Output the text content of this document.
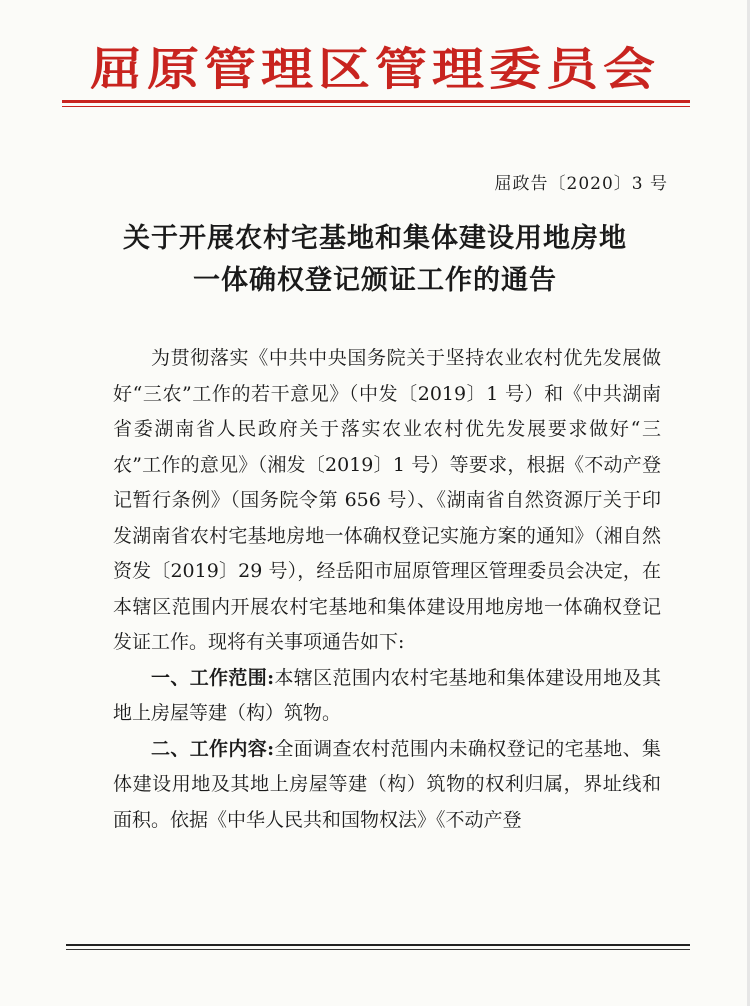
屈原管理区管理委员会
屈政告〔2020〕3 号
关于开展农村宅基地和集体建设用地房地
一体确权登记颁证工作的通告

为贯彻落实《中共中央国务院关于坚持农业农村优先发展做好“三农”工作的若干意见》（中发〔2019〕1 号）和《中共湖南省委湖南省人民政府关于落实农业农村优先发展要求做好“三农”工作的意见》（湘发〔2019〕1 号）等要求，根据《不动产登记暂行条例》（国务院令第 656 号）、《湖南省自然资源厅关于印发湖南省农村宅基地房地一体确权登记实施方案的通知》（湘自然资发〔2019〕29 号），经岳阳市屈原管理区管理委员会决定，在本辖区范围内开展农村宅基地和集体建设用地房地一体确权登记发证工作。现将有关事项通告如下:

一、工作范围:本辖区范围内农村宅基地和集体建设用地及其地上房屋等建（构）筑物。

二、工作内容:全面调查农村范围内未确权登记的宅基地、集体建设用地及其地上房屋等建（构）筑物的权利归属，界址线和面积。依据《中华人民共和国物权法》《不动产登
